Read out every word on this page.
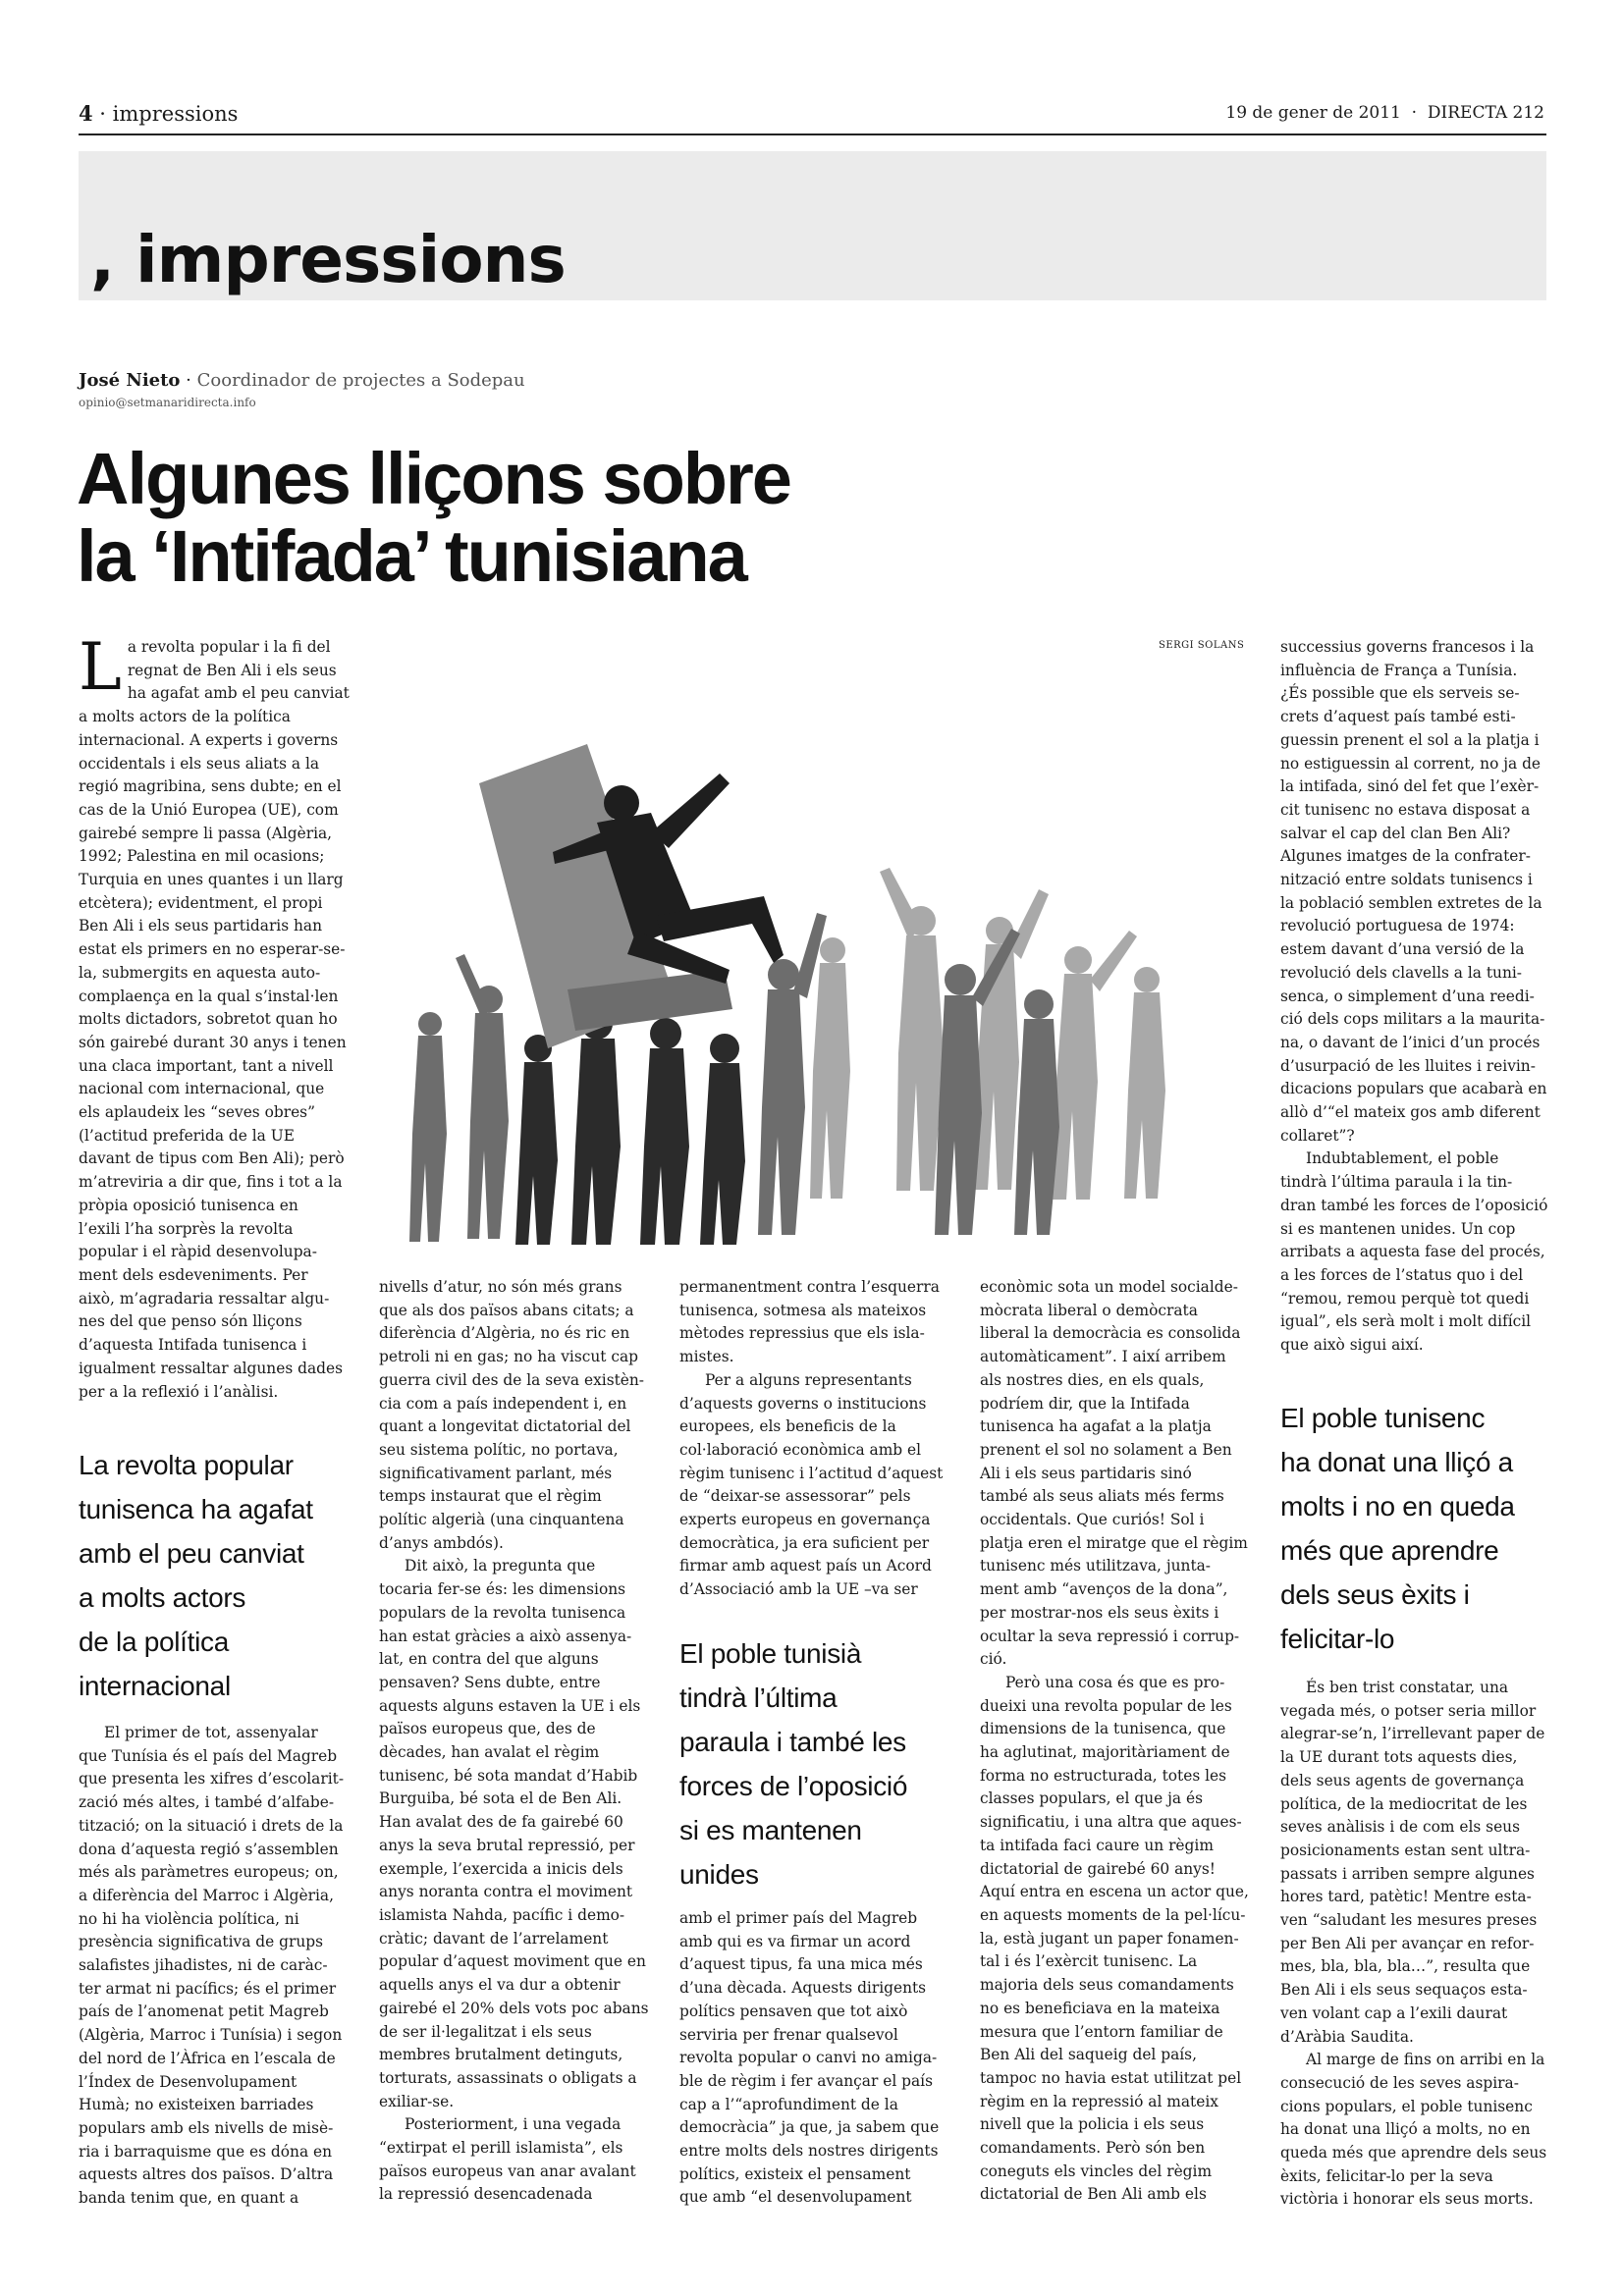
4 · impressions	19 de gener de 2011  ·  DIRECTA 212
, impressions
José Nieto · Coordinador de projectes a Sodepau
opinio@setmanaridirecta.info
Algunes lliçons sobre
la ‘Intifada’ tunisiana
SERGI SOLANS
L a revolta popular i la fi del
regnat de Ben Ali i els seus
ha agafat amb el peu canviat
a molts actors de la política
internacional. A experts i governs
occidentals i els seus aliats a la
regió magribina, sens dubte; en el
cas de la Unió Europea (UE), com
gairebé sempre li passa (Algèria,
1992; Palestina en mil ocasions;
Turquia en unes quantes i un llarg
etcètera); evidentment, el propi
Ben Ali i els seus partidaris han
estat els primers en no esperar-se-
la, submergits en aquesta auto-
complaença en la qual s’instal·len
molts dictadors, sobretot quan ho
són gairebé durant 30 anys i tenen
una claca important, tant a nivell
nacional com internacional, que
els aplaudeix les “seves obres”
(l’actitud preferida de la UE
davant de tipus com Ben Ali); però
m’atreviria a dir que, fins i tot a la
pròpia oposició tunisenca en
l’exili l’ha sorprès la revolta
popular i el ràpid desenvolupa-
ment dels esdeveniments. Per
això, m’agradaria ressaltar algu-
nes del que penso són lliçons
d’aquesta Intifada tunisenca i
igualment ressaltar algunes dades
per a la reflexió i l’anàlisi.
La revolta popular
tunisenca ha agafat
amb el peu canviat
a molts actors
de la política
internacional
El primer de tot, assenyalar
que Tunísia és el país del Magreb
que presenta les xifres d’escolarit-
zació més altes, i també d’alfabe-
tització; on la situació i drets de la
dona d’aquesta regió s’assemblen
més als paràmetres europeus; on,
a diferència del Marroc i Algèria,
no hi ha violència política, ni
presència significativa de grups
salafistes jihadistes, ni de caràc-
ter armat ni pacífics; és el primer
país de l’anomenat petit Magreb
(Algèria, Marroc i Tunísia) i segon
del nord de l’Àfrica en l’escala de
l’Índex de Desenvolupament
Humà; no existeixen barriades
populars amb els nivells de misè-
ria i barraquisme que es dóna en
aquests altres dos països. D’altra
banda tenim que, en quant a
nivells d’atur, no són més grans
que als dos països abans citats; a
diferència d’Algèria, no és ric en
petroli ni en gas; no ha viscut cap
guerra civil des de la seva existèn-
cia com a país independent i, en
quant a longevitat dictatorial del
seu sistema polític, no portava,
significativament parlant, més
temps instaurat que el règim
polític algerià (una cinquantena
d’anys ambdós).
Dit això, la pregunta que
tocaria fer-se és: les dimensions
populars de la revolta tunisenca
han estat gràcies a això assenya-
lat, en contra del que alguns
pensaven? Sens dubte, entre
aquests alguns estaven la UE i els
països europeus que, des de
dècades, han avalat el règim
tunisenc, bé sota mandat d’Habib
Burguiba, bé sota el de Ben Ali.
Han avalat des de fa gairebé 60
anys la seva brutal repressió, per
exemple, l’exercida a inicis dels
anys noranta contra el moviment
islamista Nahda, pacífic i demo-
cràtic; davant de l’arrelament
popular d’aquest moviment que en
aquells anys el va dur a obtenir
gairebé el 20% dels vots poc abans
de ser il·legalitzat i els seus
membres brutalment detinguts,
torturats, assassinats o obligats a
exiliar-se.
Posteriorment, i una vegada
“extirpat el perill islamista”, els
països europeus van anar avalant
la repressió desencadenada
permanentment contra l’esquerra
tunisenca, sotmesa als mateixos
mètodes repressius que els isla-
mistes.
Per a alguns representants
d’aquests governs o institucions
europees, els beneficis de la
col·laboració econòmica amb el
règim tunisenc i l’actitud d’aquest
de “deixar-se assessorar” pels
experts europeus en governança
democràtica, ja era suficient per
firmar amb aquest país un Acord
d’Associació amb la UE –va ser
El poble tunisià
tindrà l’última
paraula i també les
forces de l’oposició
si es mantenen
unides
amb el primer país del Magreb
amb qui es va firmar un acord
d’aquest tipus, fa una mica més
d’una dècada. Aquests dirigents
polítics pensaven que tot això
serviria per frenar qualsevol
revolta popular o canvi no amiga-
ble de règim i fer avançar el país
cap a l’“aprofundiment de la
democràcia” ja que, ja sabem que
entre molts dels nostres dirigents
polítics, existeix el pensament
que amb “el desenvolupament
econòmic sota un model socialde-
mòcrata liberal o demòcrata
liberal la democràcia es consolida
automàticament”. I així arribem
als nostres dies, en els quals,
podríem dir, que la Intifada
tunisenca ha agafat a la platja
prenent el sol no solament a Ben
Ali i els seus partidaris sinó
també als seus aliats més ferms
occidentals. Que curiós! Sol i
platja eren el miratge que el règim
tunisenc més utilitzava, junta-
ment amb “avenços de la dona”,
per mostrar-nos els seus èxits i
ocultar la seva repressió i corrup-
ció.
Però una cosa és que es pro-
dueixi una revolta popular de les
dimensions de la tunisenca, que
ha aglutinat, majoritàriament de
forma no estructurada, totes les
classes populars, el que ja és
significatiu, i una altra que aques-
ta intifada faci caure un règim
dictatorial de gairebé 60 anys!
Aquí entra en escena un actor que,
en aquests moments de la pel·lícu-
la, està jugant un paper fonamen-
tal i és l’exèrcit tunisenc. La
majoria dels seus comandaments
no es beneficiava en la mateixa
mesura que l’entorn familiar de
Ben Ali del saqueig del país,
tampoc no havia estat utilitzat pel
règim en la repressió al mateix
nivell que la policia i els seus
comandaments. Però són ben
coneguts els vincles del règim
dictatorial de Ben Ali amb els
successius governs francesos i la
influència de França a Tunísia.
¿És possible que els serveis se-
crets d’aquest país també esti-
guessin prenent el sol a la platja i
no estiguessin al corrent, no ja de
la intifada, sinó del fet que l’exèr-
cit tunisenc no estava disposat a
salvar el cap del clan Ben Ali?
Algunes imatges de la confrater-
nització entre soldats tunisencs i
la població semblen extretes de la
revolució portuguesa de 1974:
estem davant d’una versió de la
revolució dels clavells a la tuni-
senca, o simplement d’una reedi-
ció dels cops militars a la maurita-
na, o davant de l’inici d’un procés
d’usurpació de les lluites i reivin-
dicacions populars que acabarà en
allò d’“el mateix gos amb diferent
collaret”?
Indubtablement, el poble
tindrà l’última paraula i la tin-
dran també les forces de l’oposició
si es mantenen unides. Un cop
arribats a aquesta fase del procés,
a les forces de l’status quo i del
“remou, remou perquè tot quedi
igual”, els serà molt i molt difícil
que això sigui així.
El poble tunisenc
ha donat una lliçó a
molts i no en queda
més que aprendre
dels seus èxits i
felicitar-lo
És ben trist constatar, una
vegada més, o potser seria millor
alegrar-se’n, l’irrellevant paper de
la UE durant tots aquests dies,
dels seus agents de governança
política, de la mediocritat de les
seves anàlisis i de com els seus
posicionaments estan sent ultra-
passats i arriben sempre algunes
hores tard, patètic! Mentre esta-
ven “saludant les mesures preses
per Ben Ali per avançar en refor-
mes, bla, bla, bla…”, resulta que
Ben Ali i els seus sequaços esta-
ven volant cap a l’exili daurat
d’Aràbia Saudita.
Al marge de fins on arribi en la
consecució de les seves aspira-
cions populars, el poble tunisenc
ha donat una lliçó a molts, no en
queda més que aprendre dels seus
èxits, felicitar-lo per la seva
victòria i honorar els seus morts.
